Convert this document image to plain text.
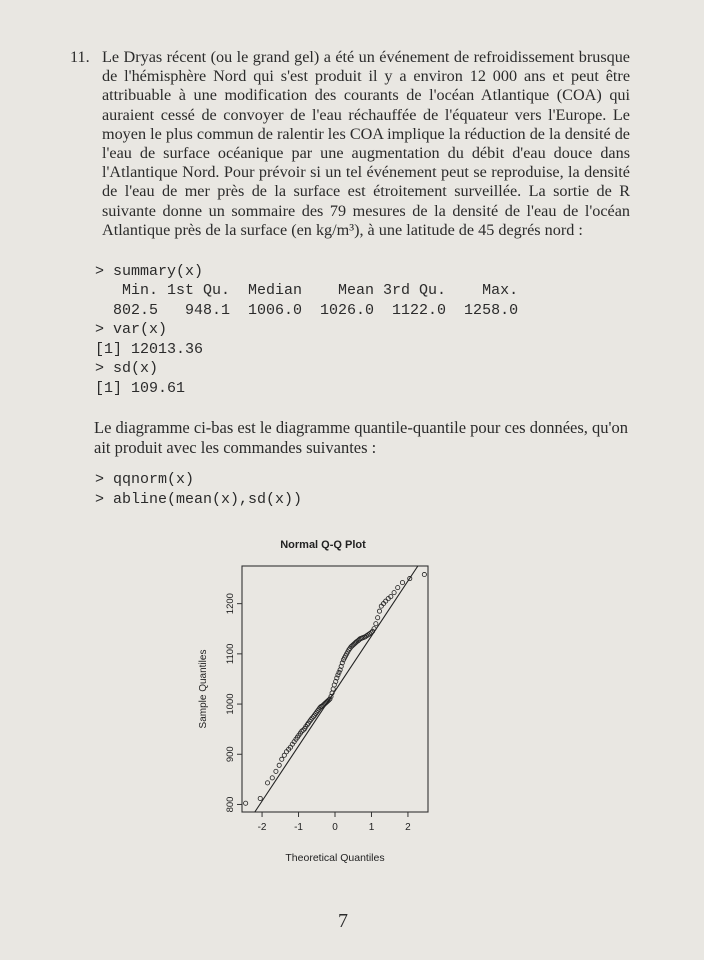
11. Le Dryas récent (ou le grand gel) a été un événement de refroidissement brusque de l'hémisphère Nord qui s'est produit il y a environ 12 000 ans et peut être attribuable à une modification des courants de l'océan Atlantique (COA) qui auraient cessé de convoyer de l'eau réchauffée de l'équateur vers l'Europe. Le moyen le plus commun de ralentir les COA implique la réduction de la densité de l'eau de surface océanique par une augmentation du débit d'eau douce dans l'Atlantique Nord. Pour prévoir si un tel événement peut se reproduise, la densité de l'eau de mer près de la surface est étroitement surveillée. La sortie de R suivante donne un sommaire des 79 mesures de la densité de l'eau de l'océan Atlantique près de la surface (en kg/m³), à une latitude de 45 degrés nord :

> summary(x)
Min. 1st Qu.  Median    Mean 3rd Qu.    Max.
802.5   948.1  1006.0  1026.0  1122.0  1258.0
> var(x)
[1] 12013.36
> sd(x)
[1] 109.61

Le diagramme ci-bas est le diagramme quantile-quantile pour ces données, qu'on ait produit avec les commandes suivantes :

> qqnorm(x)
> abline(mean(x),sd(x))
Normal Q-Q Plot
-2	-1	0	1	2
800
900
1000
1100
1200
Theoretical Quantiles
Sample Quantiles
7
